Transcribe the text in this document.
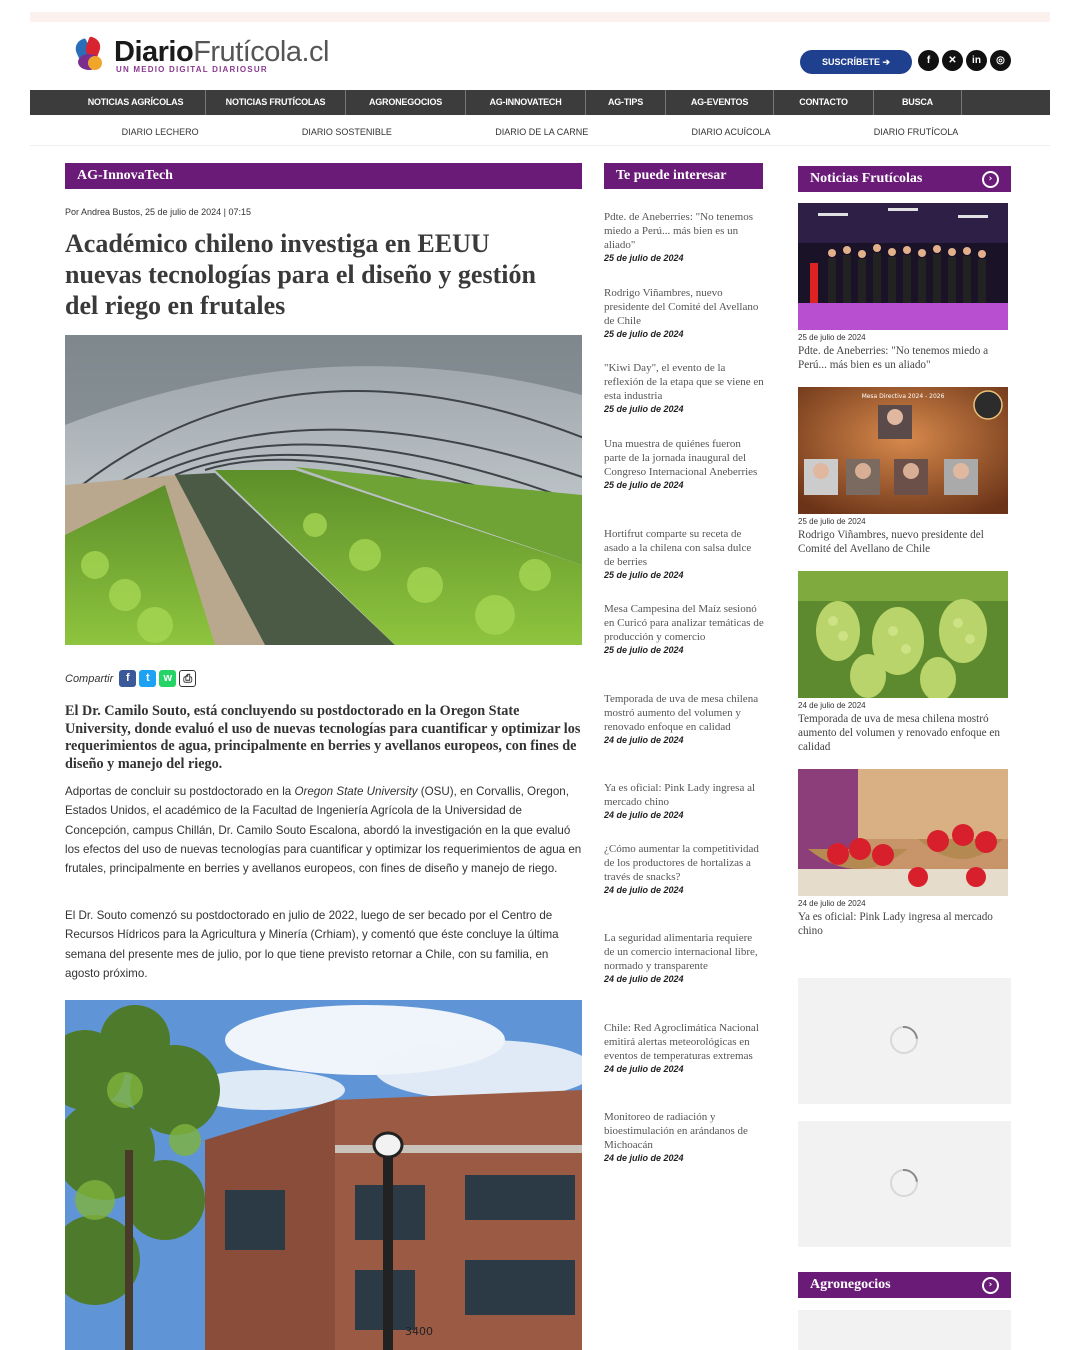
DiarioFrutícola.cl
UN MEDIO DIGITAL DIARIOSUR
SUSCRÍBETE ➔	f	✕	in	◎
NOTICIAS AGRÍCOLAS	NOTICIAS FRUTÍCOLAS	AGRONEGOCIOS	AG-INNOVATECH	AG-TIPS	AG-EVENTOS	CONTACTO	BUSCA
DIARIO LECHERO	DIARIO SOSTENIBLE	DIARIO DE LA CARNE	DIARIO ACUÍCOLA	DIARIO FRUTÍCOLA
AG-InnovaTech
Por Andrea Bustos, 25 de julio de 2024 | 07:15
Académico chileno investiga en EEUU nuevas tecnologías para el diseño y gestión del riego en frutales
Compartir	f	t	w	⎙
El Dr. Camilo Souto, está concluyendo su postdoctorado en la Oregon State University, donde evaluó el uso de nuevas tecnologías para cuantificar y optimizar los requerimientos de agua, principalmente en berries y avellanos europeos, con fines de diseño y manejo del riego.
Adportas de concluir su postdoctorado en la Oregon State University (OSU), en Corvallis, Oregon, Estados Unidos, el académico de la Facultad de Ingeniería Agrícola de la Universidad de Concepción, campus Chillán, Dr. Camilo Souto Escalona, abordó la investigación en la que evaluó los efectos del uso de nuevas tecnologías para cuantificar y optimizar los requerimientos de agua en frutales, principalmente en berries y avellanos europeos, con fines de diseño y manejo de riego.
El Dr. Souto comenzó su postdoctorado en julio de 2022, luego de ser becado por el Centro de Recursos Hídricos para la Agricultura y Minería (Crhiam), y comentó que éste concluye la última semana del presente mes de julio, por lo que tiene previsto retornar a Chile, con su familia, en agosto próximo.
3400
Te puede interesar
Pdte. de Aneberries: "No tenemos miedo a Perú... más bien es un aliado"
25 de julio de 2024
Rodrigo Viñambres, nuevo presidente del Comité del Avellano de Chile
25 de julio de 2024
"Kiwi Day", el evento de la reflexión de la etapa que se viene en esta industria
25 de julio de 2024
Una muestra de quiénes fueron parte de la jornada inaugural del Congreso Internacional Aneberries
25 de julio de 2024
Hortifrut comparte su receta de asado a la chilena con salsa dulce de berries
25 de julio de 2024
Mesa Campesina del Maíz sesionó en Curicó para analizar temáticas de producción y comercio
25 de julio de 2024
Temporada de uva de mesa chilena mostró aumento del volumen y renovado enfoque en calidad
24 de julio de 2024
Ya es oficial: Pink Lady ingresa al mercado chino
24 de julio de 2024
¿Cómo aumentar la competitividad de los productores de hortalizas a través de snacks?
24 de julio de 2024
La seguridad alimentaria requiere de un comercio internacional libre, normado y transparente
24 de julio de 2024
Chile: Red Agroclimática Nacional emitirá alertas meteorológicas en eventos de temperaturas extremas
24 de julio de 2024
Monitoreo de radiación y bioestimulación en arándanos de Michoacán
24 de julio de 2024
Noticias Frutícolas	›
25 de julio de 2024
Pdte. de Aneberries: "No tenemos miedo a Perú... más bien es un aliado"
Mesa Directiva 2024 - 2026
25 de julio de 2024
Rodrigo Viñambres, nuevo presidente del Comité del Avellano de Chile
24 de julio de 2024
Temporada de uva de mesa chilena mostró aumento del volumen y renovado enfoque en calidad
24 de julio de 2024
Ya es oficial: Pink Lady ingresa al mercado chino
Agronegocios	›
